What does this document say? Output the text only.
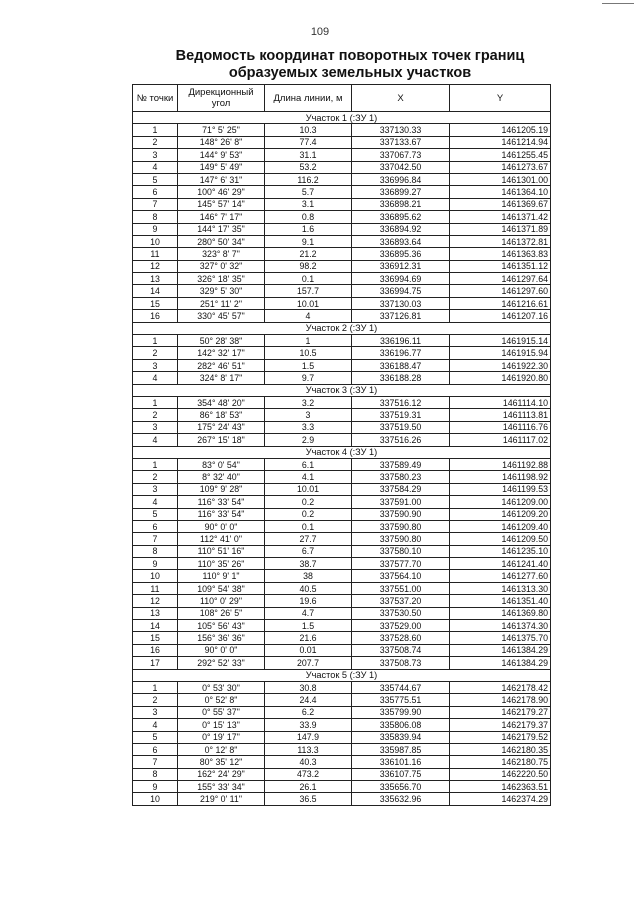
109
Ведомость координат поворотных точек границ
образуемых земельных участков
№ точки	Дирекционный угол	Длина линии, м	X	Y
Участок 1 (:ЗУ 1)				
1	71° 5' 25"	10.3	337130.33	1461205.19
2	148° 26' 8"	77.4	337133.67	1461214.94
3	144° 9' 53"	31.1	337067.73	1461255.45
4	149° 5' 49"	53.2	337042.50	1461273.67
5	147° 6' 31"	116.2	336996.84	1461301.00
6	100° 46' 29"	5.7	336899.27	1461364.10
7	145° 57' 14"	3.1	336898.21	1461369.67
8	146° 7' 17"	0.8	336895.62	1461371.42
9	144° 17' 35"	1.6	336894.92	1461371.89
10	280° 50' 34"	9.1	336893.64	1461372.81
11	323° 8' 7"	21.2	336895.36	1461363.83
12	327° 0' 32"	98.2	336912.31	1461351.12
13	326° 18' 35"	0.1	336994.69	1461297.64
14	329° 5' 30"	157.7	336994.75	1461297.60
15	251° 11' 2"	10.01	337130.03	1461216.61
16	330° 45' 57"	4	337126.81	1461207.16
Участок 2 (:ЗУ 1)				
1	50° 28' 38"	1	336196.11	1461915.14
2	142° 32' 17"	10.5	336196.77	1461915.94
3	282° 46' 51"	1.5	336188.47	1461922.30
4	324° 8' 17"	9.7	336188.28	1461920.80
Участок 3 (:ЗУ 1)				
1	354° 48' 20"	3.2	337516.12	1461114.10
2	86° 18' 53"	3	337519.31	1461113.81
3	175° 24' 43"	3.3	337519.50	1461116.76
4	267° 15' 18"	2.9	337516.26	1461117.02
Участок 4 (:ЗУ 1)				
1	83° 0' 54"	6.1	337589.49	1461192.88
2	8° 32' 40"	4.1	337580.23	1461198.92
3	109° 9' 28"	10.01	337584.29	1461199.53
4	116° 33' 54"	0.2	337591.00	1461209.00
5	116° 33' 54"	0.2	337590.90	1461209.20
6	90° 0' 0"	0.1	337590.80	1461209.40
7	112° 41' 0"	27.7	337590.80	1461209.50
8	110° 51' 16"	6.7	337580.10	1461235.10
9	110° 35' 26"	38.7	337577.70	1461241.40
10	110° 9' 1"	38	337564.10	1461277.60
11	109° 54' 38"	40.5	337551.00	1461313.30
12	110° 0' 29"	19.6	337537.20	1461351.40
13	108° 26' 5"	4.7	337530.50	1461369.80
14	105° 56' 43"	1.5	337529.00	1461374.30
15	156° 36' 36"	21.6	337528.60	1461375.70
16	90° 0' 0"	0.01	337508.74	1461384.29
17	292° 52' 33"	207.7	337508.73	1461384.29
Участок 5 (:ЗУ 1)				
1	0° 53' 30"	30.8	335744.67	1462178.42
2	0° 52' 8"	24.4	335775.51	1462178.90
3	0° 55' 37"	6.2	335799.90	1462179.27
4	0° 15' 13"	33.9	335806.08	1462179.37
5	0° 19' 17"	147.9	335839.94	1462179.52
6	0° 12' 8"	113.3	335987.85	1462180.35
7	80° 35' 12"	40.3	336101.16	1462180.75
8	162° 24' 29"	473.2	336107.75	1462220.50
9	155° 33' 34"	26.1	335656.70	1462363.51
10	219° 0' 11"	36.5	335632.96	1462374.29
